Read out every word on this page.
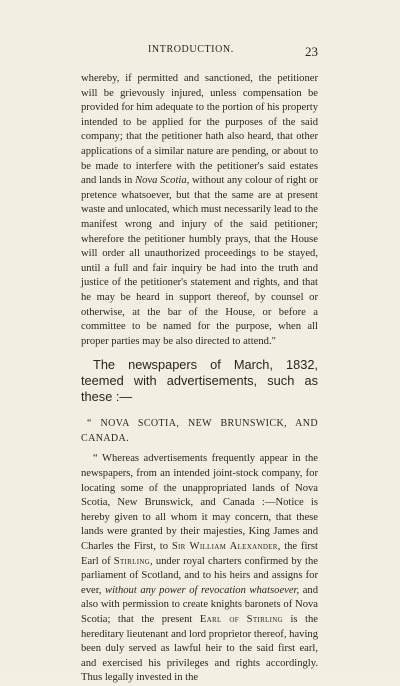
INTRODUCTION.	23

whereby, if permitted and sanctioned, the petitioner will be grievously injured, unless compensation be provided for him adequate to the portion of his property intended to be applied for the purposes of the said company; that the petitioner hath also heard, that other applications of a similar nature are pending, or about to be made to interfere with the petitioner's said estates and lands in Nova Scotia, without any colour of right or pretence whatsoever, but that the same are at present waste and unlocated, which must necessarily lead to the manifest wrong and injury of the said petitioner; wherefore the petitioner humbly prays, that the House will order all unauthorized proceedings to be stayed, until a full and fair inquiry be had into the truth and justice of the petitioner's statement and rights, and that he may be heard in support thereof, by counsel or otherwise, at the bar of the House, or before a committee to be named for the purpose, when all proper parties may be also directed to attend."

The newspapers of March, 1832, teemed with advertisements, such as these :—

“ NOVA SCOTIA, NEW BRUNSWICK, AND CANADA.

“ Whereas advertisements frequently appear in the newspapers, from an intended joint-stock company, for locating some of the unappropriated lands of Nova Scotia, New Brunswick, and Canada :—Notice is hereby given to all whom it may concern, that these lands were granted by their majesties, King James and Charles the First, to Sir William Alexander, the first Earl of Stirling, under royal charters confirmed by the parliament of Scotland, and to his heirs and assigns for ever, without any power of revocation whatsoever, and also with permission to create knights baronets of Nova Scotia; that the present Earl of Stirling is the hereditary lieutenant and lord proprietor thereof, having been duly served as lawful heir to the said first earl, and exercised his privileges and rights accordingly. Thus legally invested in the
